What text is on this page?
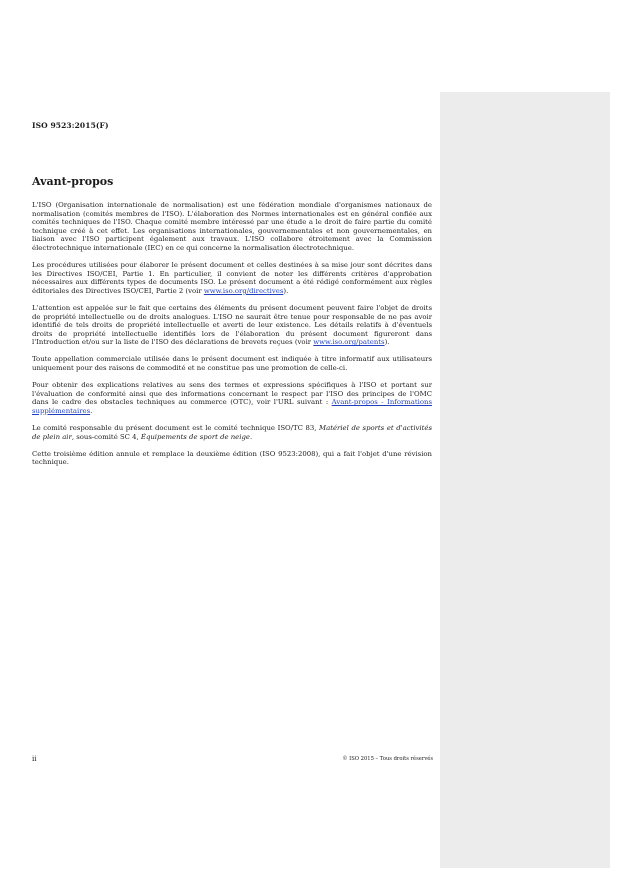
ISO 9523:2015(F)
Avant-propos

L'ISO (Organisation internationale de normalisation) est une fédération mondiale d'organismes nationaux de normalisation (comités membres de l'ISO). L'élaboration des Normes internationales est en général confiée aux comités techniques de l'ISO. Chaque comité membre intéressé par une étude a le droit de faire partie du comité technique créé à cet effet. Les organisations internationales, gouvernementales et non gouvernementales, en liaison avec l'ISO participent également aux travaux. L'ISO collabore étroitement avec la Commission électrotechnique internationale (IEC) en ce qui concerne la normalisation électrotechnique.

Les procédures utilisées pour élaborer le présent document et celles destinées à sa mise jour sont décrites dans les Directives ISO/CEI, Partie 1. En particulier, il convient de noter les différents critères d'approbation nécessaires aux différents types de documents ISO. Le présent document a été rédigé conformément aux règles éditoriales des Directives ISO/CEI, Partie 2 (voir www.iso.org/directives).

L'attention est appelée sur le fait que certains des éléments du présent document peuvent faire l'objet de droits de propriété intellectuelle ou de droits analogues. L'ISO ne saurait être tenue pour responsable de ne pas avoir identifié de tels droits de propriété intellectuelle et averti de leur existence. Les détails relatifs à d'éventuels droits de propriété intellectuelle identifiés lors de l'élaboration du présent document figureront dans l'Introduction et/ou sur la liste de l'ISO des déclarations de brevets reçues (voir www.iso.org/patents).

Toute appellation commerciale utilisée dans le présent document est indiquée à titre informatif aux utilisateurs uniquement pour des raisons de commodité et ne constitue pas une promotion de celle-ci.

Pour obtenir des explications relatives au sens des termes et expressions spécifiques à l'ISO et portant sur l'évaluation de conformité ainsi que des informations concernant le respect par l'ISO des principes de l'OMC dans le cadre des obstacles techniques au commerce (OTC), voir l'URL suivant : Avant-propos - Informations supplémentaires.

Le comité responsable du présent document est le comité technique ISO/TC 83, Matériel de sports et d'activités de plein air, sous-comité SC 4, Équipements de sport de neige.

Cette troisième édition annule et remplace la deuxième édition (ISO 9523:2008), qui a fait l'objet d'une révision technique.

ii	© ISO 2015 – Tous droits réservés
